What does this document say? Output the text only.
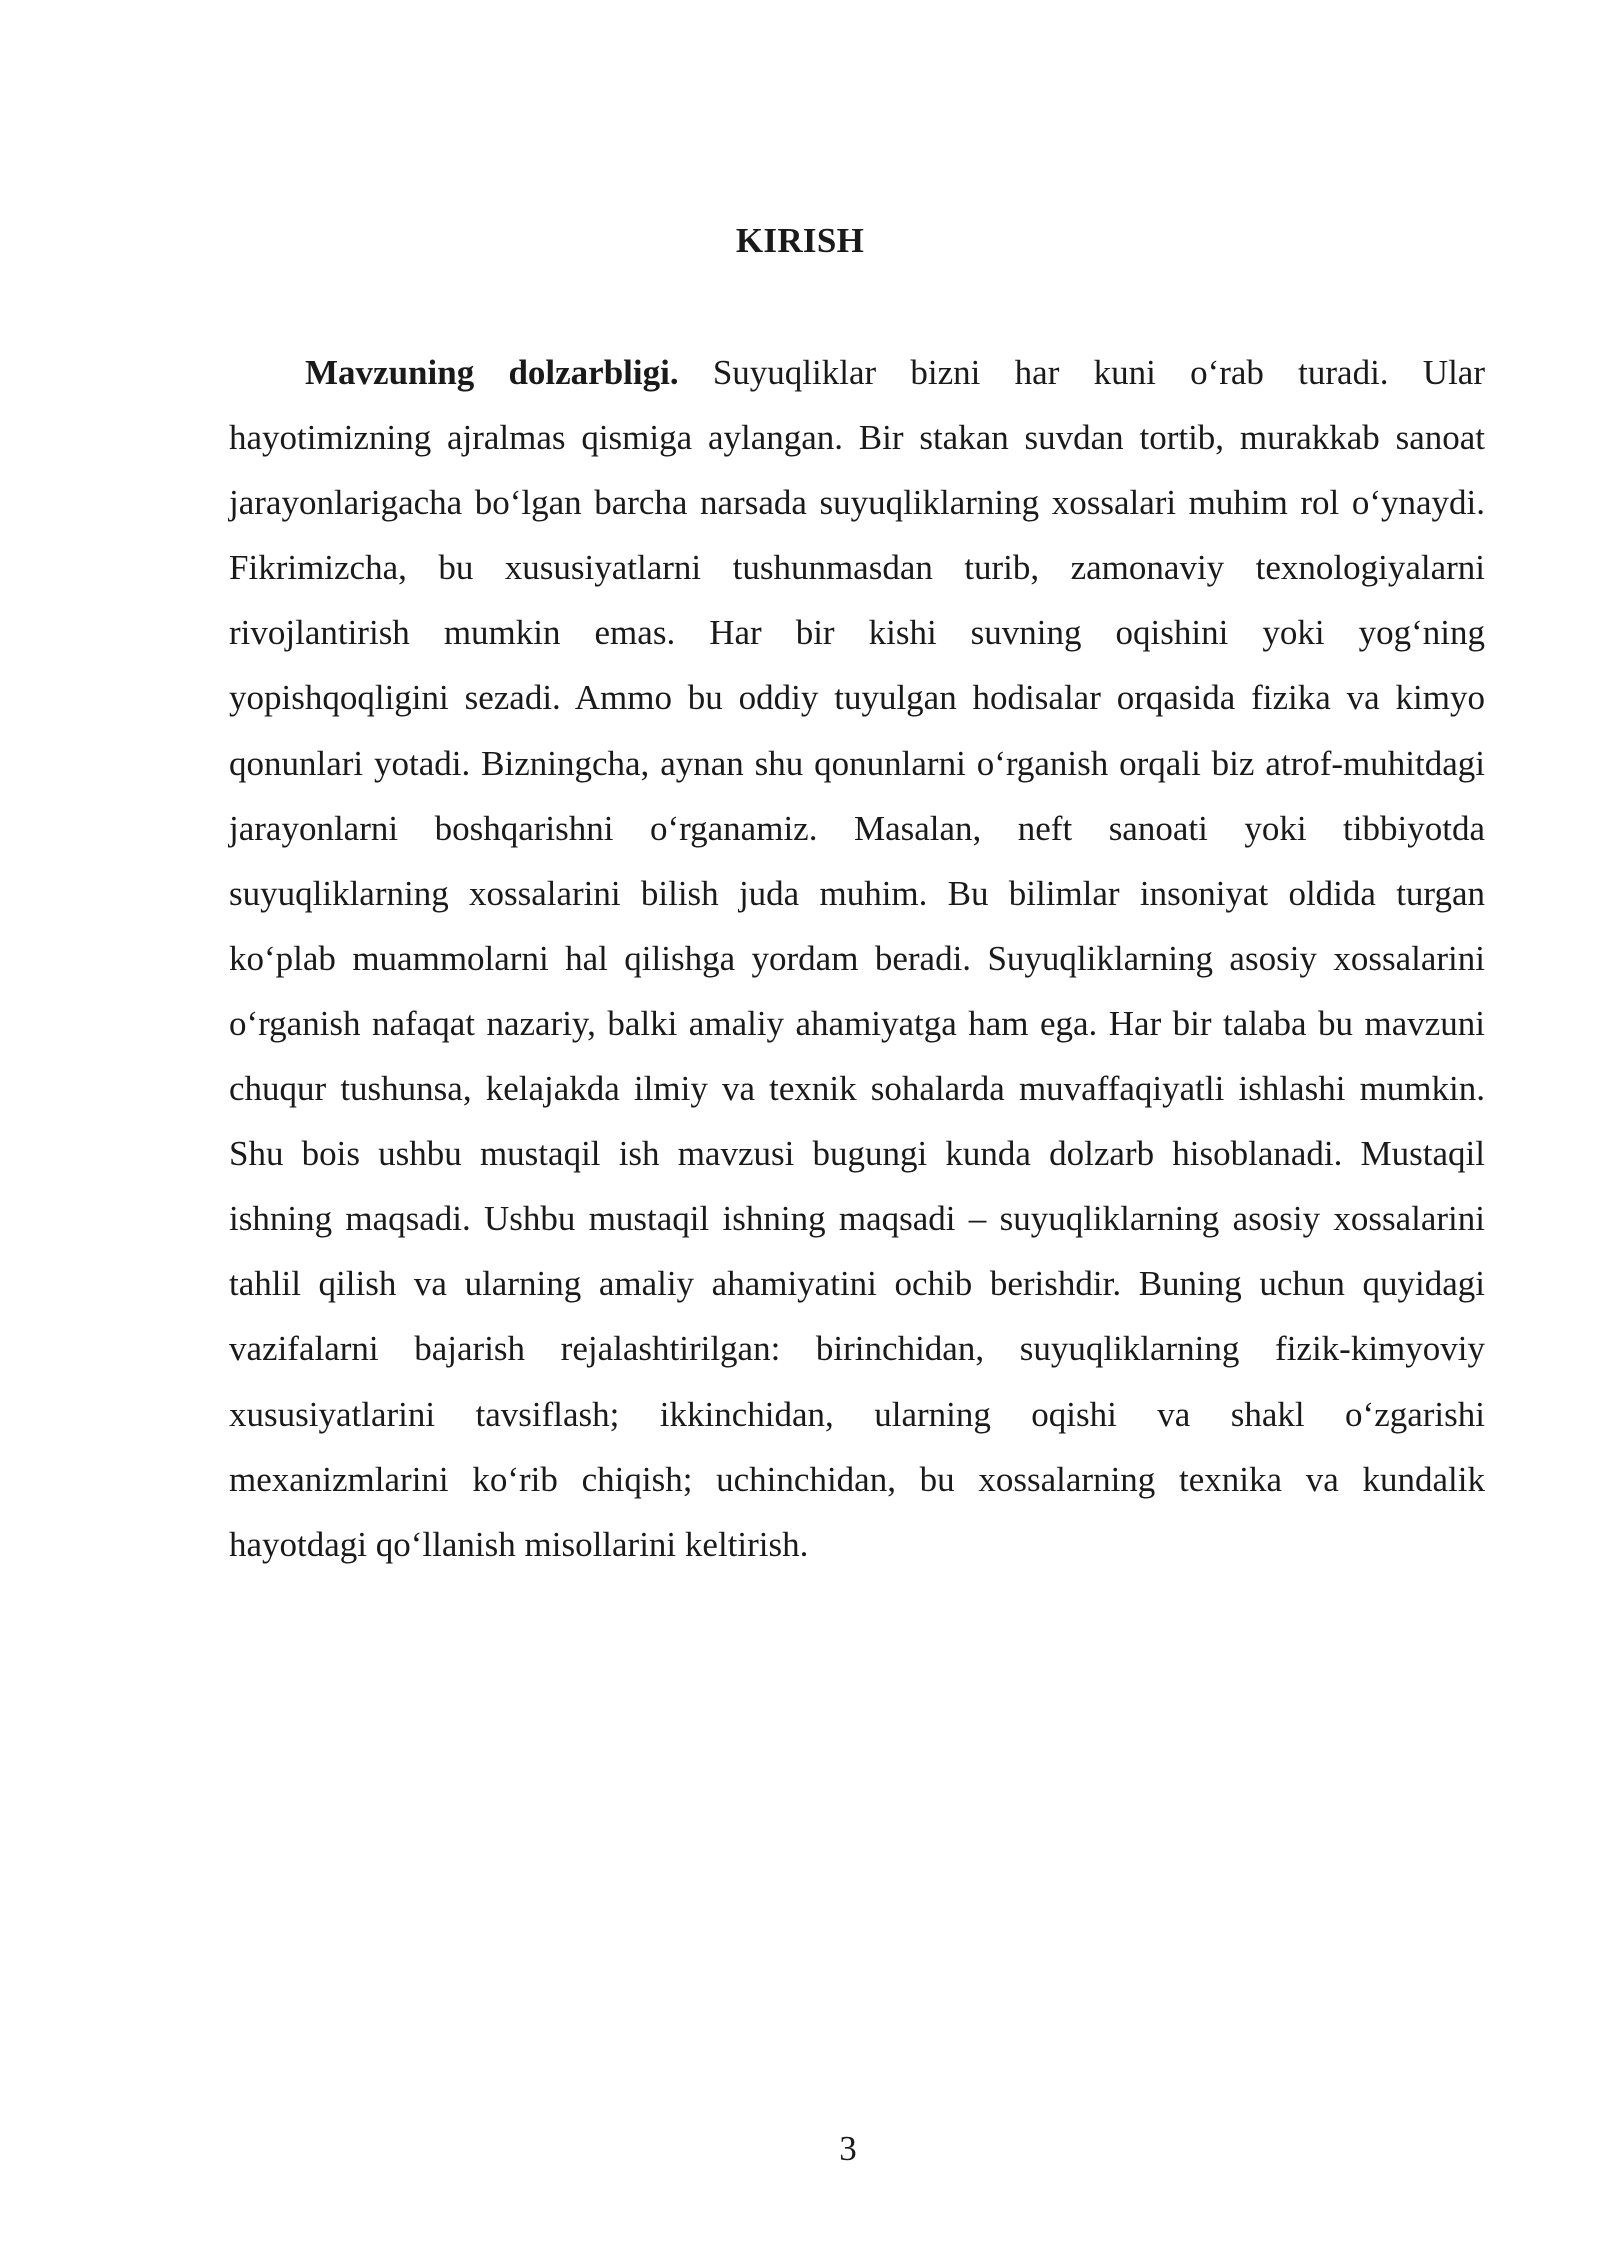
KIRISH

Mavzuning dolzarbligi. Suyuqliklar bizni har kuni o‘rab turadi. Ular hayotimizning ajralmas qismiga aylangan. Bir stakan suvdan tortib, murakkab sanoat jarayonlarigacha bo‘lgan barcha narsada suyuqliklarning xossalari muhim rol o‘ynaydi. Fikrimizcha, bu xususiyatlarni tushunmasdan turib, zamonaviy texnologiyalarni rivojlantirish mumkin emas. Har bir kishi suvning oqishini yoki yog‘ning yopishqoqligini sezadi. Ammo bu oddiy tuyulgan hodisalar orqasida fizika va kimyo qonunlari yotadi. Bizningcha, aynan shu qonunlarni o‘rganish orqali biz atrof-muhitdagi jarayonlarni boshqarishni o‘rganamiz. Masalan, neft sanoati yoki tibbiyotda suyuqliklarning xossalarini bilish juda muhim. Bu bilimlar insoniyat oldida turgan ko‘plab muammolarni hal qilishga yordam beradi. Suyuqliklarning asosiy xossalarini o‘rganish nafaqat nazariy, balki amaliy ahamiyatga ham ega. Har bir talaba bu mavzuni chuqur tushunsa, kelajakda ilmiy va texnik sohalarda muvaffaqiyatli ishlashi mumkin. Shu bois ushbu mustaqil ish mavzusi bugungi kunda dolzarb hisoblanadi. Mustaqil ishning maqsadi. Ushbu mustaqil ishning maqsadi – suyuqliklarning asosiy xossalarini tahlil qilish va ularning amaliy ahamiyatini ochib berishdir. Buning uchun quyidagi vazifalarni bajarish rejalashtirilgan: birinchidan, suyuqliklarning fizik-kimyoviy xususiyatlarini tavsiflash; ikkinchidan, ularning oqishi va shakl o‘zgarishi mexanizmlarini ko‘rib chiqish; uchinchidan, bu xossalarning texnika va kundalik hayotdagi qo‘llanish misollarini keltirish.

3
